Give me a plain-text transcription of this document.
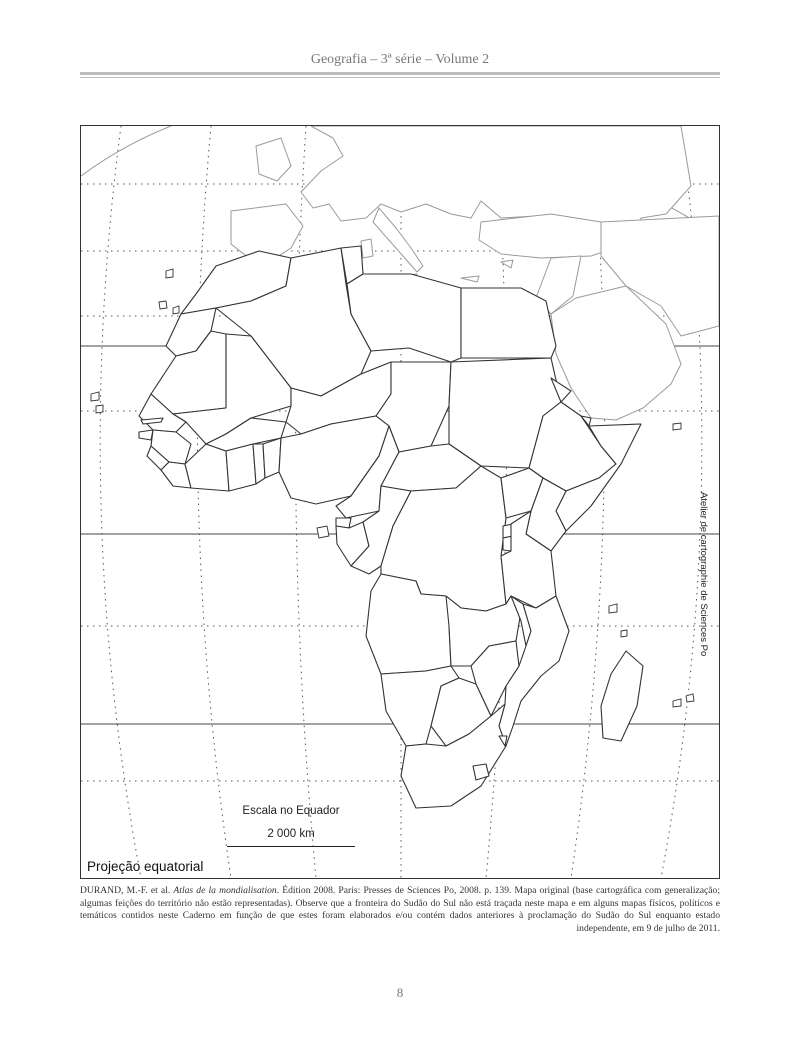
Geografia – 3ª série – Volume 2
Escala no Equador
2 000 km
Projeção equatorial
Atelier de cartographie de Sciences Po
DURAND, M.-F. et al. Atlas de la mondialisation. Édition 2008. Paris: Presses de Sciences Po, 2008. p. 139. Mapa original (base cartográfica com generalização; algumas feições do território não estão representadas). Observe que a fronteira do Sudão do Sul não está traçada neste mapa e em alguns mapas físicos, políticos e temáticos contidos neste Caderno em função de que estes foram elaborados e/ou contém dados anteriores à proclamação do Sudão do Sul enquanto estado independente, em 9 de julho de 2011.
8
